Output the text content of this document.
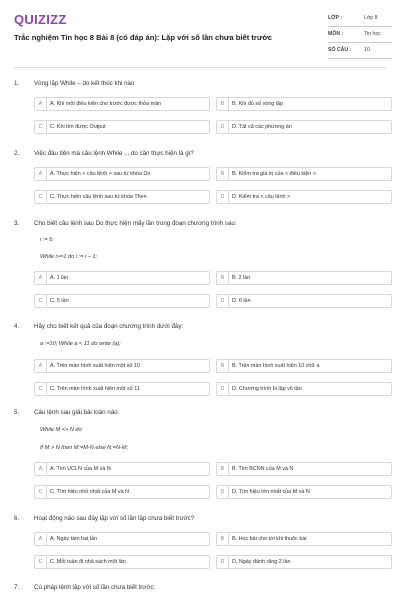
QUIZIZZ
Trắc nghiệm Tin học 8 Bài 8 (có đáp án): Lặp với số lần chưa biết trước
LỚP :	Lớp 8
MÔN :	Tin học
SỐ CÂU : 10
1. Vòng lặp While – do kết thúc khi nào
A	A. Khi một điều kiện cho trước được thỏa mãn	B	B. Khi đủ số vòng lặp
C	C. Khi tìm được Output	D	D. Tất cả các phương án
2. Việc đầu tiên mà câu lệnh While ... do cần thực hiện là gì?
A	A. Thực hiện < câu lệnh > sau từ khóa Do	B	B. Kiểm tra giá trị của < điều kiện >
C	C. Thực hiện câu lệnh sau từ khóa Then	D	D. Kiểm tra < câu lệnh >
3. Cho biết câu lệnh sau Do thực hiện mấy lần trong đoạn chương trình sau:
i := 5;
While i>=1 do i := i – 1;
A	A. 1 lần	B	B. 2 lần
C	C. 5 lần	D	D. 6 lần
4. Hãy cho biết kết quả của đoạn chương trình dưới đây:
a :=10; While a < 11 do write (a);
A	A. Trên màn hình xuất hiện một số 10	B	B. Trên màn hình xuất hiện 10 chữ a
C	C. Trên màn hình xuất hiện một số 11	D	D. Chương trình bị lặp vô tận
5. Câu lệnh sau giải bài toán nào:
While M <> N do
If M > N then M:=M-N else N:=N-M;
A	A. Tìm UCLN của M và N	B	B. Tìm BCNN của M và N
C	C. Tìm hiệu nhỏ nhất của M và N	D	D. Tìm hiệu lớn nhất của M và N
6. Hoạt động nào sau đây lặp với số lần lặp chưa biết trước?
A	A. Ngày tám hai lần	B	B. Học bài cho tới khi thuộc bài
C	C. Mỗi tuần đi nhà sách một lần	D	D. Ngày đánh răng 2 lần
7. Cú pháp lệnh lặp với số lần chưa biết trước:
